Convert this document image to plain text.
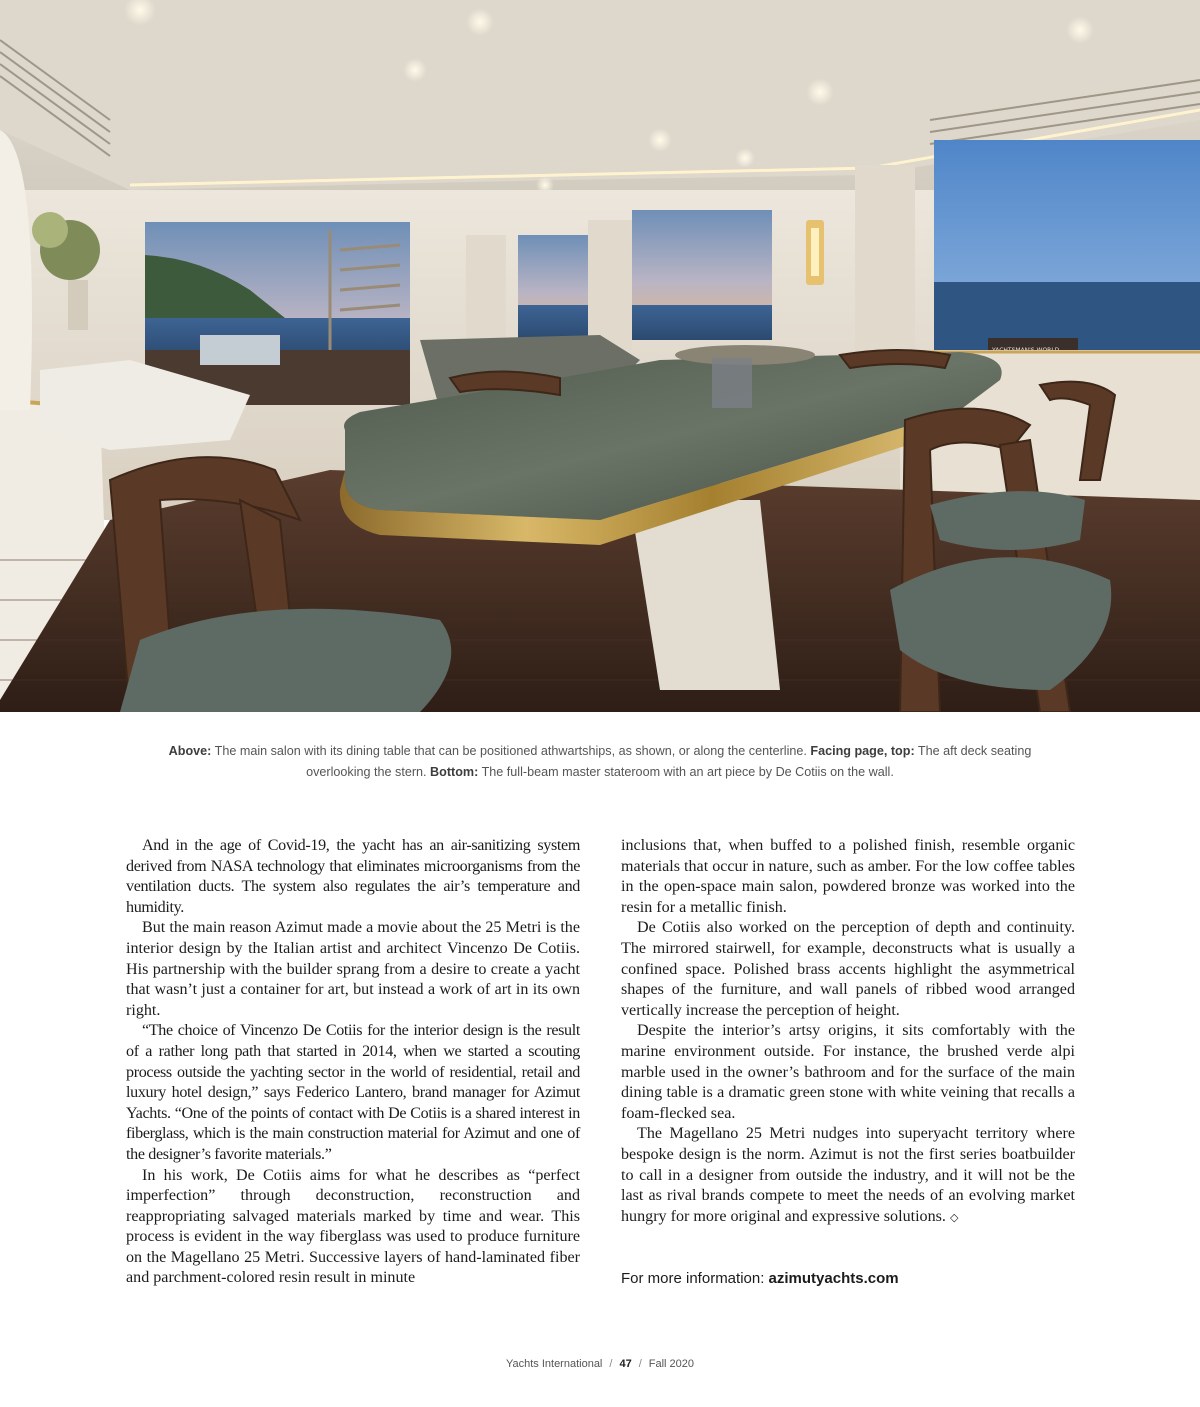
Above: The main salon with its dining table that can be positioned athwartships, as shown, or along the centerline. Facing page, top: The aft deck seating overlooking the stern. Bottom: The full-beam master stateroom with an art piece by De Cotiis on the wall.

And in the age of Covid-19, the yacht has an air-sanitizing system derived from NASA technology that eliminates microorganisms from the ventilation ducts. The system also regulates the air’s temperature and humidity.

But the main reason Azimut made a movie about the 25 Metri is the interior design by the Italian artist and architect Vincenzo De Cotiis. His partnership with the builder sprang from a desire to create a yacht that wasn’t just a container for art, but instead a work of art in its own right.

“The choice of Vincenzo De Cotiis for the interior design is the result of a rather long path that started in 2014, when we started a scouting process outside the yachting sector in the world of residential, retail and luxury hotel design,” says Federico Lantero, brand manager for Azimut Yachts. “One of the points of contact with De Cotiis is a shared interest in fiberglass, which is the main construction material for Azimut and one of the designer’s favorite materials.”

In his work, De Cotiis aims for what he describes as “perfect imperfection” through deconstruction, reconstruction and reappropriating salvaged materials marked by time and wear. This process is evident in the way fiberglass was used to produce furniture on the Magellano 25 Metri. Successive layers of hand-laminated fiber and parchment-colored resin result in minute

inclusions that, when buffed to a polished finish, resemble organic materials that occur in nature, such as amber. For the low coffee tables in the open-space main salon, powdered bronze was worked into the resin for a metallic finish.

De Cotiis also worked on the perception of depth and continuity. The mirrored stairwell, for example, deconstructs what is usually a confined space. Polished brass accents highlight the asymmetrical shapes of the furniture, and wall panels of ribbed wood arranged vertically increase the perception of height.

Despite the interior’s artsy origins, it sits comfortably with the marine environment outside. For instance, the brushed verde alpi marble used in the owner’s bathroom and for the surface of the main dining table is a dramatic green stone with white veining that recalls a foam-flecked sea.

The Magellano 25 Metri nudges into superyacht territory where bespoke design is the norm. Azimut is not the first series boatbuilder to call in a designer from outside the industry, and it will not be the last as rival brands compete to meet the needs of an evolving market hungry for more original and expressive solutions. ◇

For more information: azimutyachts.com
Yachts International / 47 / Fall 2020
